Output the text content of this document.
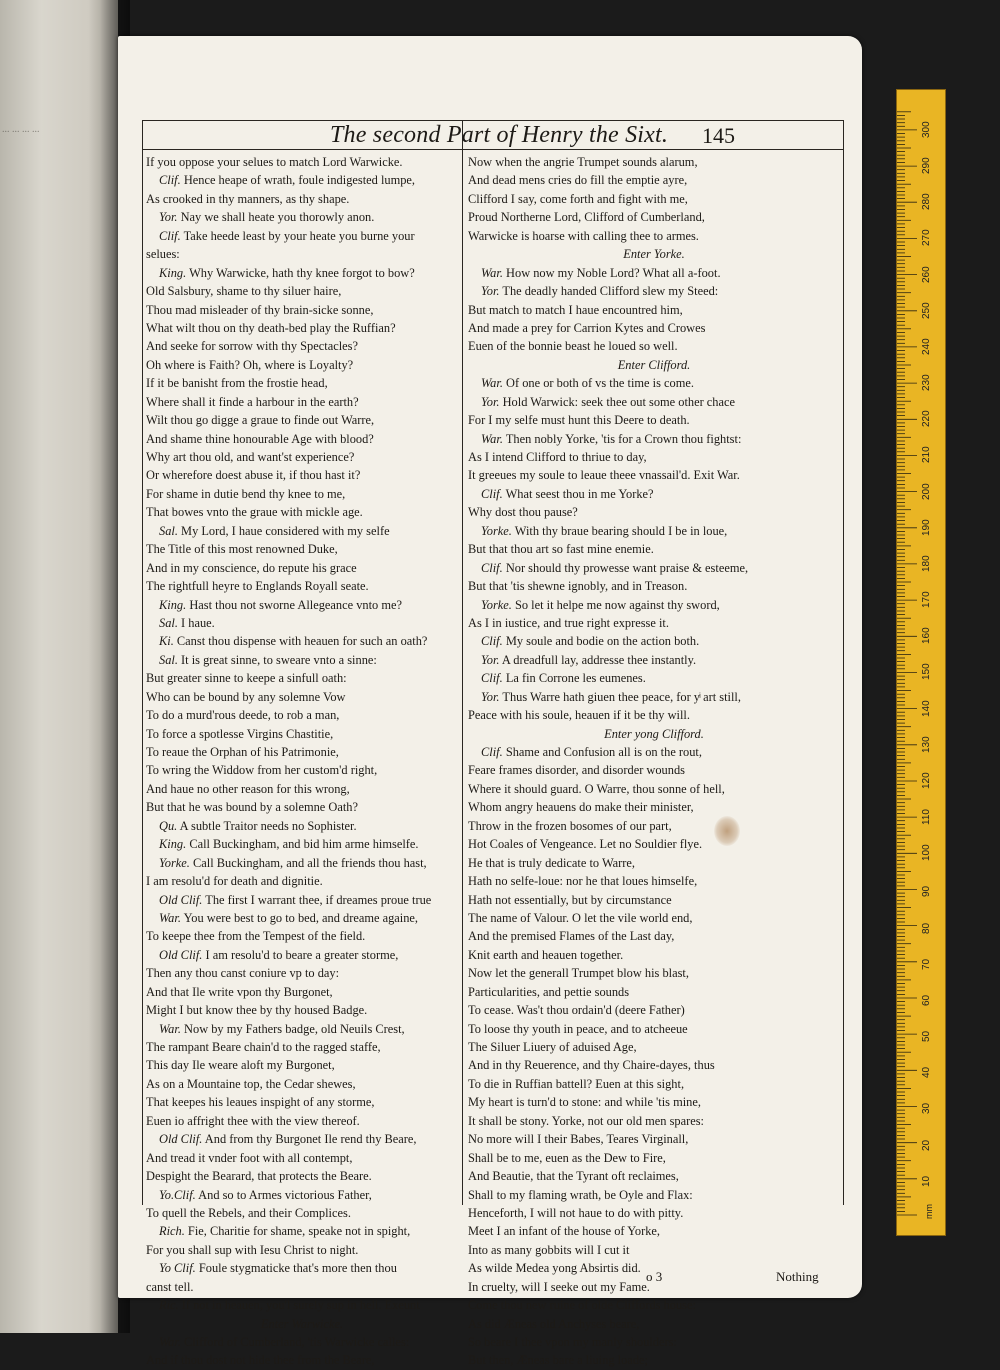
... ... ... ...	The second Part of Henry the Sixt. 145
If you oppose your selues to match Lord Warwicke.
Clif. Hence heape of wrath, foule indigested lumpe,
As crooked in thy manners, as thy shape.
Yor. Nay we shall heate you thorowly anon.
Clif. Take heede least by your heate you burne your
selues:
King. Why Warwicke, hath thy knee forgot to bow?
Old Salsbury, shame to thy siluer haire,
Thou mad misleader of thy brain-sicke sonne,
What wilt thou on thy death-bed play the Ruffian?
And seeke for sorrow with thy Spectacles?
Oh where is Faith? Oh, where is Loyalty?
If it be banisht from the frostie head,
Where shall it finde a harbour in the earth?
Wilt thou go digge a graue to finde out Warre,
And shame thine honourable Age with blood?
Why art thou old, and want'st experience?
Or wherefore doest abuse it, if thou hast it?
For shame in dutie bend thy knee to me,
That bowes vnto the graue with mickle age.
Sal. My Lord, I haue considered with my selfe
The Title of this most renowned Duke,
And in my conscience, do repute his grace
The rightfull heyre to Englands Royall seate.
King. Hast thou not sworne Allegeance vnto me?
Sal. I haue.
Ki. Canst thou dispense with heauen for such an oath?
Sal. It is great sinne, to sweare vnto a sinne:
But greater sinne to keepe a sinfull oath:
Who can be bound by any solemne Vow
To do a murd'rous deede, to rob a man,
To force a spotlesse Virgins Chastitie,
To reaue the Orphan of his Patrimonie,
To wring the Widdow from her custom'd right,
And haue no other reason for this wrong,
But that he was bound by a solemne Oath?
Qu. A subtle Traitor needs no Sophister.
King. Call Buckingham, and bid him arme himselfe.
Yorke. Call Buckingham, and all the friends thou hast,
I am resolu'd for death and dignitie.
Old Clif. The first I warrant thee, if dreames proue true
War. You were best to go to bed, and dreame againe,
To keepe thee from the Tempest of the field.
Old Clif. I am resolu'd to beare a greater storme,
Then any thou canst coniure vp to day:
And that Ile write vpon thy Burgonet,
Might I but know thee by thy housed Badge.
War. Now by my Fathers badge, old Neuils Crest,
The rampant Beare chain'd to the ragged staffe,
This day Ile weare aloft my Burgonet,
As on a Mountaine top, the Cedar shewes,
That keepes his leaues inspight of any storme,
Euen io affright thee with the view thereof.
Old Clif. And from thy Burgonet Ile rend thy Beare,
And tread it vnder foot with all contempt,
Despight the Bearard, that protects the Beare.
Yo.Clif. And so to Armes victorious Father,
To quell the Rebels, and their Complices.
Rich. Fie, Charitie for shame, speake not in spight,
For you shall sup with Iesu Christ to night.
Yo Clif. Foule stygmaticke that's more then thou
canst tell.
Ric. If not in heauen, you'l surely sup in hell. Exeunt
Enter Warwicke.
War. Clifford of Cumberland, 'tis Warwicke calles:
And if thou dost not hide thee from the Beare,
Now when the angrie Trumpet sounds alarum,
And dead mens cries do fill the emptie ayre,
Clifford I say, come forth and fight with me,
Proud Northerne Lord, Clifford of Cumberland,
Warwicke is hoarse with calling thee to armes.
Enter Yorke.
War. How now my Noble Lord? What all a-foot.
Yor. The deadly handed Clifford slew my Steed:
But match to match I haue encountred him,
And made a prey for Carrion Kytes and Crowes
Euen of the bonnie beast he loued so well.
Enter Clifford.
War. Of one or both of vs the time is come.
Yor. Hold Warwick: seek thee out some other chace
For I my selfe must hunt this Deere to death.
War. Then nobly Yorke, 'tis for a Crown thou fightst:
As I intend Clifford to thriue to day,
It greeues my soule to leaue theee vnassail'd. Exit War.
Clif. What seest thou in me Yorke?
Why dost thou pause?
Yorke. With thy braue bearing should I be in loue,
But that thou art so fast mine enemie.
Clif. Nor should thy prowesse want praise & esteeme,
But that 'tis shewne ignobly, and in Treason.
Yorke. So let it helpe me now against thy sword,
As I in iustice, and true right expresse it.
Clif. My soule and bodie on the action both.
Yor. A dreadfull lay, addresse thee instantly.
Clif. La fin Corrone les eumenes.
Yor. Thus Warre hath giuen thee peace, for yͥ art still,
Peace with his soule, heauen if it be thy will.
Enter yong Clifford.
Clif. Shame and Confusion all is on the rout,
Feare frames disorder, and disorder wounds
Where it should guard. O Warre, thou sonne of hell,
Whom angry heauens do make their minister,
Throw in the frozen bosomes of our part,
Hot Coales of Vengeance. Let no Souldier flye.
He that is truly dedicate to Warre,
Hath no selfe-loue: nor he that loues himselfe,
Hath not essentially, but by circumstance
The name of Valour. O let the vile world end,
And the premised Flames of the Last day,
Knit earth and heauen together.
Now let the generall Trumpet blow his blast,
Particularities, and pettie sounds
To cease. Was't thou ordain'd (deere Father)
To loose thy youth in peace, and to atcheeue
The Siluer Liuery of aduised Age,
And in thy Reuerence, and thy Chaire-dayes, thus
To die in Ruffian battell? Euen at this sight,
My heart is turn'd to stone: and while 'tis mine,
It shall be stony. Yorke, not our old men spares:
No more will I their Babes, Teares Virginall,
Shall be to me, euen as the Dew to Fire,
And Beautie, that the Tyrant oft reclaimes,
Shall to my flaming wrath, be Oyle and Flax:
Henceforth, I will not haue to do with pitty.
Meet I an infant of the house of Yorke,
Into as many gobbits will I cut it
As wilde Medea yong Absirtis did.
In cruelty, will I seeke out my Fame.
Come thou new ruine of olde Cliffords house:
As did Æneas old Anchyses beare,
So beare I thee vpon my manly shoulders:
But then, Æneas bare a liuing loade;
o 3	Nothing
mm
10
20
30
40
50
60
70
80
90
100
110
120
130
140
150
160
170
180
190
200
210
220
230
240
250
260
270
280
290
300
